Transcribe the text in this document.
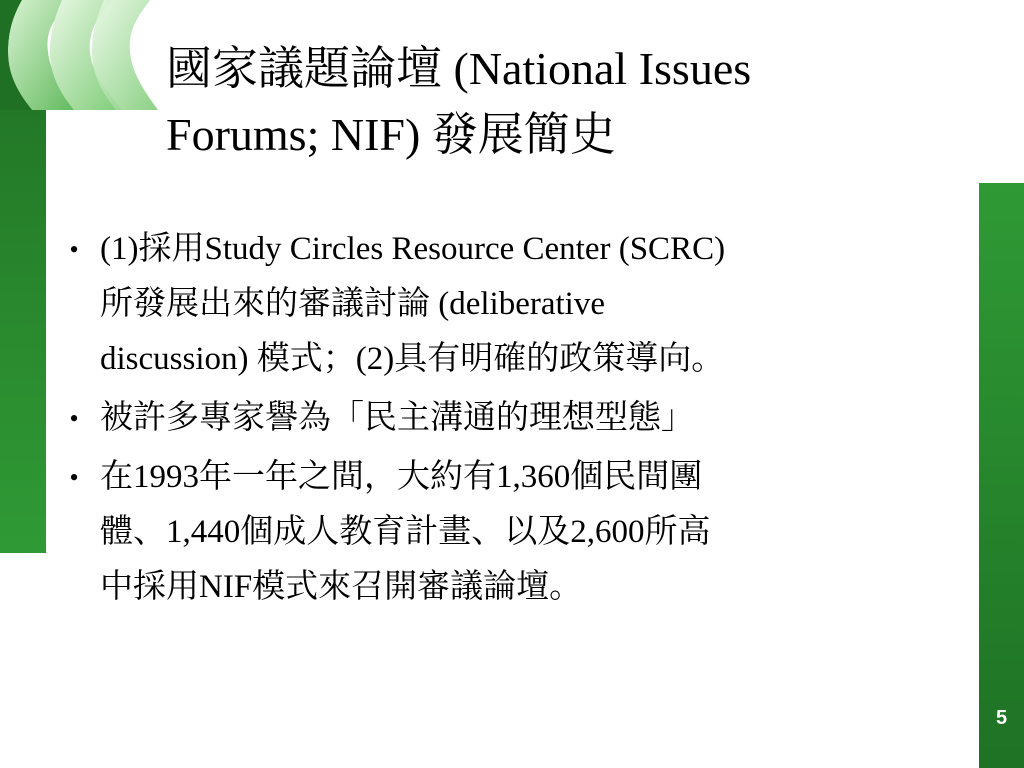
國家議題論壇 (National Issues
Forums; NIF) 發展簡史
• (1)採用Study Circles Resource Center (SCRC)
所發展出來的審議討論 (deliberative
discussion) 模式；(2)具有明確的政策導向。
• 被許多專家譽為「民主溝通的理想型態」
• 在1993年一年之間，大約有1,360個民間團
體、1,440個成人教育計畫、以及2,600所高
中採用NIF模式來召開審議論壇。
5
